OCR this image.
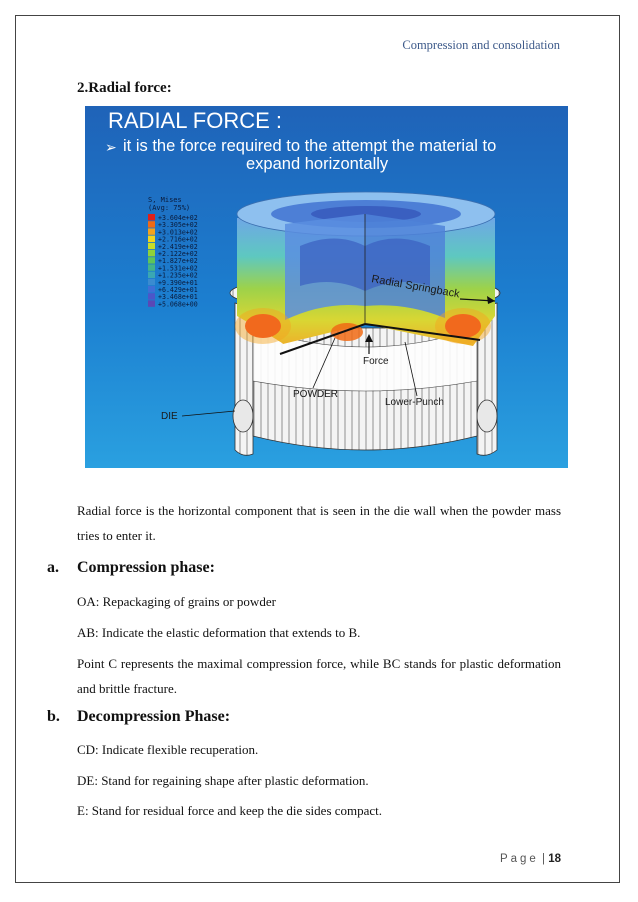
Compression and consolidation
2.Radial force:
RADIAL FORCE :
➢ it is the force required to the attempt the material to
expand horizontally
S, Mises
(Avg: 75%)
+3.604e+02
+3.305e+02
+3.013e+02
+2.716e+02
+2.419e+02
+2.122e+02
+1.827e+02
+1.531e+02
+1.235e+02
+9.390e+01
+6.429e+01
+3.468e+01
+5.068e+00
Radial Springback
Force
POWDER
Lower-Punch
DIE
Radial force is the horizontal component that is seen in the die wall when the powder mass tries to enter it.
a. Compression phase:
OA: Repackaging of grains or powder
AB: Indicate the elastic deformation that extends to B.
Point C represents the maximal compression force, while BC stands for plastic deformation and brittle fracture.
b. Decompression Phase:
CD: Indicate flexible recuperation.
DE: Stand for regaining shape after plastic deformation.
E: Stand for residual force and keep the die sides compact.
Page | 18
